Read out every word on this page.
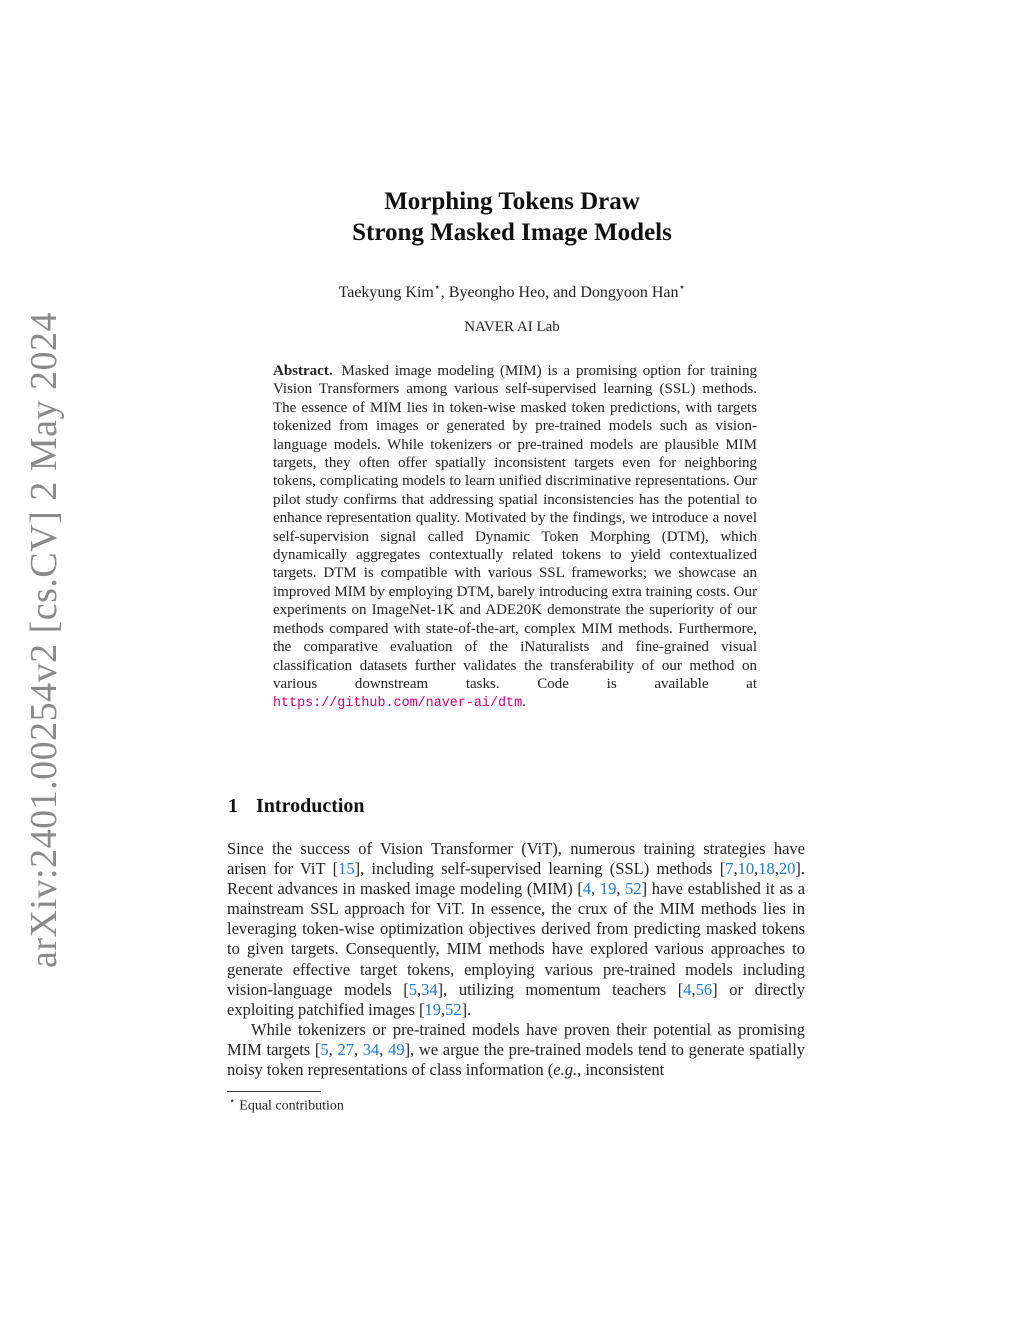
arXiv:2401.00254v2 [cs.CV] 2 May 2024
Morphing Tokens Draw
Strong Masked Image Models
Taekyung Kim⋆, Byeongho Heo, and Dongyoon Han⋆
NAVER AI Lab
Abstract. Masked image modeling (MIM) is a promising option for training Vision Transformers among various self-supervised learning (SSL) methods. The essence of MIM lies in token-wise masked token predictions, with targets tokenized from images or generated by pre-trained models such as vision-language models. While tokenizers or pre-trained models are plausible MIM targets, they often offer spatially inconsistent targets even for neighboring tokens, complicating models to learn unified discriminative representations. Our pilot study confirms that addressing spatial inconsistencies has the potential to enhance representation quality. Motivated by the findings, we introduce a novel self-supervision signal called Dynamic Token Morphing (DTM), which dynamically aggregates contextually related tokens to yield contextualized targets. DTM is compatible with various SSL frameworks; we showcase an improved MIM by employing DTM, barely introducing extra training costs. Our experiments on ImageNet-1K and ADE20K demonstrate the superiority of our methods compared with state-of-the-art, complex MIM methods. Furthermore, the comparative evaluation of the iNaturalists and fine-grained visual classification datasets further validates the transferability of our method on various downstream tasks. Code is available at https://github.com/naver-ai/dtm.
1 Introduction

Since the success of Vision Transformer (ViT), numerous training strategies have arisen for ViT [15], including self-supervised learning (SSL) methods [7,10,18,20]. Recent advances in masked image modeling (MIM) [4, 19, 52] have established it as a mainstream SSL approach for ViT. In essence, the crux of the MIM methods lies in leveraging token-wise optimization objectives derived from predicting masked tokens to given targets. Consequently, MIM methods have explored various approaches to generate effective target tokens, employing various pre-trained models including vision-language models [5,34], utilizing momentum teachers [4,56] or directly exploiting patchified images [19,52].

While tokenizers or pre-trained models have proven their potential as promising MIM targets [5, 27, 34, 49], we argue the pre-trained models tend to generate spatially noisy token representations of class information (e.g., inconsistent

⋆ Equal contribution
